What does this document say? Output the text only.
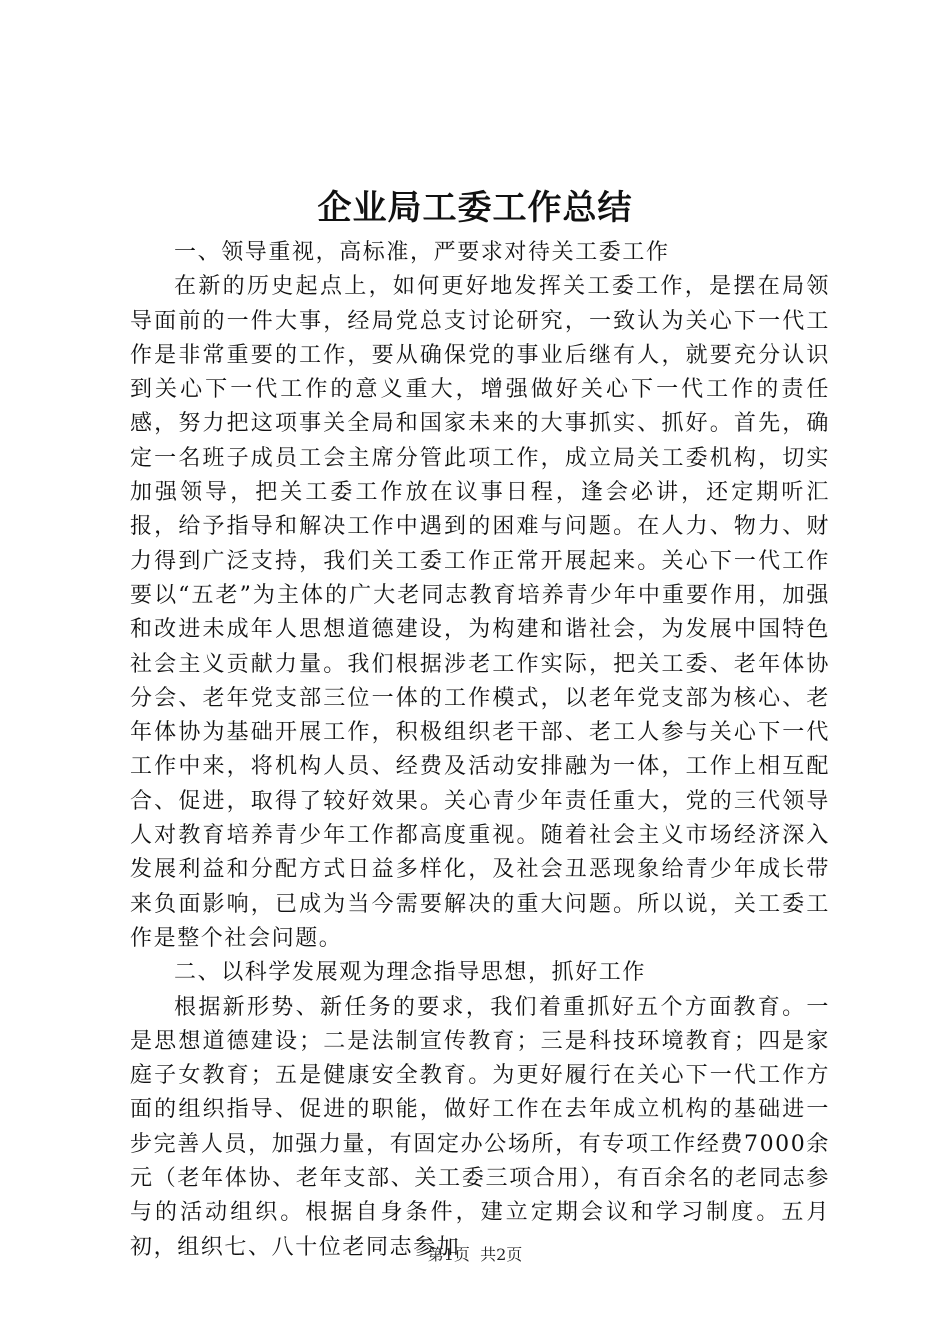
企业局工委工作总结

一、领导重视，高标准，严要求对待关工委工作

在新的历史起点上，如何更好地发挥关工委工作，是摆在局领导面前的一件大事，经局党总支讨论研究，一致认为关心下一代工作是非常重要的工作，要从确保党的事业后继有人，就要充分认识到关心下一代工作的意义重大，增强做好关心下一代工作的责任感，努力把这项事关全局和国家未来的大事抓实、抓好。首先，确定一名班子成员工会主席分管此项工作，成立局关工委机构，切实加强领导，把关工委工作放在议事日程，逢会必讲，还定期听汇报，给予指导和解决工作中遇到的困难与问题。在人力、物力、财力得到广泛支持，我们关工委工作正常开展起来。关心下一代工作要以“五老”为主体的广大老同志教育培养青少年中重要作用，加强和改进未成年人思想道德建设，为构建和谐社会，为发展中国特色社会主义贡献力量。我们根据涉老工作实际，把关工委、老年体协分会、老年党支部三位一体的工作模式，以老年党支部为核心、老年体协为基础开展工作，积极组织老干部、老工人参与关心下一代工作中来，将机构人员、经费及活动安排融为一体，工作上相互配合、促进，取得了较好效果。关心青少年责任重大，党的三代领导人对教育培养青少年工作都高度重视。随着社会主义市场经济深入发展利益和分配方式日益多样化，及社会丑恶现象给青少年成长带来负面影响，已成为当今需要解决的重大问题。所以说，关工委工作是整个社会问题。

二、以科学发展观为理念指导思想，抓好工作

根据新形势、新任务的要求，我们着重抓好五个方面教育。一是思想道德建设；二是法制宣传教育；三是科技环境教育；四是家庭子女教育；五是健康安全教育。为更好履行在关心下一代工作方面的组织指导、促进的职能，做好工作在去年成立机构的基础进一步完善人员，加强力量，有固定办公场所，有专项工作经费7000余元（老年体协、老年支部、关工委三项合用），有百余名的老同志参与的活动组织。根据自身条件，建立定期会议和学习制度。五月初，组织七、八十位老同志参加

第1页  共2页
